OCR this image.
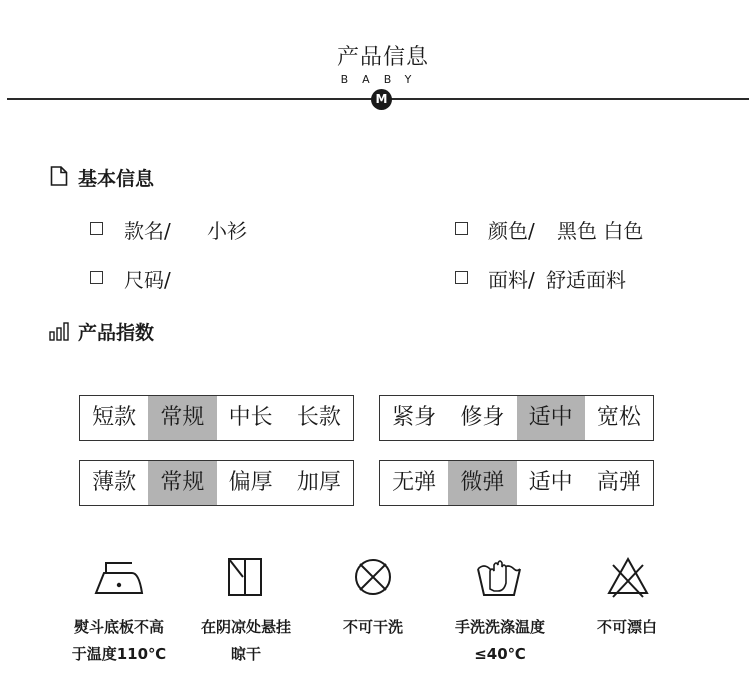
产品信息
BABY
M
基本信息
款名/ 小衫	颜色/ 黑色 白色
尺码/	面料/ 舒适面料
产品指数
短款	常规	中长	长款	紧身	修身	适中	宽松
薄款	常规	偏厚	加厚	无弹	微弹	适中	高弹
熨斗底板不高
于温度110℃
在阴凉处悬挂
晾干
不可干洗	手洗洗涤温度
≤40℃
不可漂白
